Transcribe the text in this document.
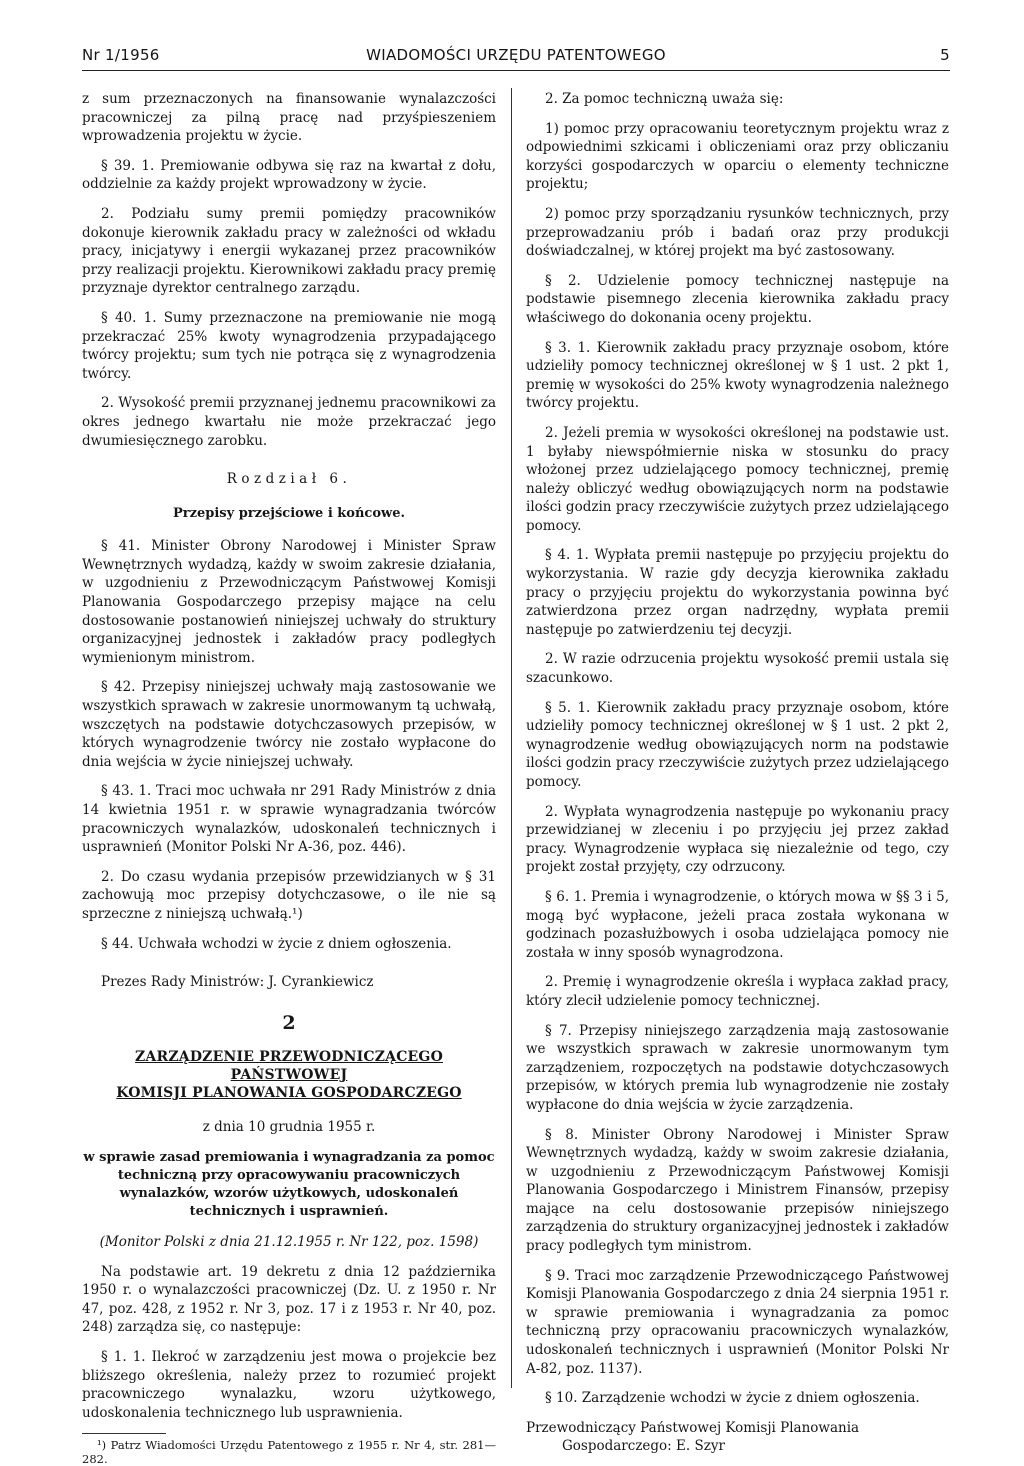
Nr 1/1956	WIADOMOŚCI URZĘDU PATENTOWEGO	5

z sum przeznaczonych na finansowanie wynalazczości pracowniczej za pilną pracę nad przyśpieszeniem wprowadzenia projektu w życie.

§ 39. 1. Premiowanie odbywa się raz na kwartał z dołu, oddzielnie za każdy projekt wprowadzony w życie.

2. Podziału sumy premii pomiędzy pracowników dokonuje kierownik zakładu pracy w zależności od wkładu pracy, inicjatywy i energii wykazanej przez pracowników przy realizacji projektu. Kierownikowi zakładu pracy premię przyznaje dyrektor centralnego zarządu.

§ 40. 1. Sumy przeznaczone na premiowanie nie mogą przekraczać 25% kwoty wynagrodzenia przypadającego twórcy projektu; sum tych nie potrąca się z wynagrodzenia twórcy.

2. Wysokość premii przyznanej jednemu pracownikowi za okres jednego kwartału nie może przekraczać jego dwumiesięcznego zarobku.

Rozdział 6.

Przepisy przejściowe i końcowe.

§ 41. Minister Obrony Narodowej i Minister Spraw Wewnętrznych wydadzą, każdy w swoim zakresie działania, w uzgodnieniu z Przewodniczącym Państwowej Komisji Planowania Gospodarczego przepisy mające na celu dostosowanie postanowień niniejszej uchwały do struktury organizacyjnej jednostek i zakładów pracy podległych wymienionym ministrom.

§ 42. Przepisy niniejszej uchwały mają zastosowanie we wszystkich sprawach w zakresie unormowanym tą uchwałą, wszczętych na podstawie dotychczasowych przepisów, w których wynagrodzenie twórcy nie zostało wypłacone do dnia wejścia w życie niniejszej uchwały.

§ 43. 1. Traci moc uchwała nr 291 Rady Ministrów z dnia 14 kwietnia 1951 r. w sprawie wynagradzania twórców pracowniczych wynalazków, udoskonaleń technicznych i usprawnień (Monitor Polski Nr A-36, poz. 446).

2. Do czasu wydania przepisów przewidzianych w § 31 zachowują moc przepisy dotychczasowe, o ile nie są sprzeczne z niniejszą uchwałą.¹)

§ 44. Uchwała wchodzi w życie z dniem ogłoszenia.

Prezes Rady Ministrów: J. Cyrankiewicz

2

ZARZĄDZENIE PRZEWODNICZĄCEGO PAŃSTWOWEJ
KOMISJI PLANOWANIA GOSPODARCZEGO

z dnia 10 grudnia 1955 r.

w sprawie zasad premiowania i wynagradzania za pomoc techniczną przy opracowywaniu pracowniczych wynalazków, wzorów użytkowych, udoskonaleń technicznych i usprawnień.

(Monitor Polski z dnia 21.12.1955 r. Nr 122, poz. 1598)

Na podstawie art. 19 dekretu z dnia 12 października 1950 r. o wynalazczości pracowniczej (Dz. U. z 1950 r. Nr 47, poz. 428, z 1952 r. Nr 3, poz. 17 i z 1953 r. Nr 40, poz. 248) zarządza się, co następuje:

§ 1. 1. Ilekroć w zarządzeniu jest mowa o projekcie bez bliższego określenia, należy przez to rozumieć projekt pracowniczego wynalazku, wzoru użytkowego, udoskonalenia technicznego lub usprawnienia.

¹) Patrz Wiadomości Urzędu Patentowego z 1955 r. Nr 4, str. 281—282.

2. Za pomoc techniczną uważa się:

1) pomoc przy opracowaniu teoretycznym projektu wraz z odpowiednimi szkicami i obliczeniami oraz przy obliczaniu korzyści gospodarczych w oparciu o elementy techniczne projektu;

2) pomoc przy sporządzaniu rysunków technicznych, przy przeprowadzaniu prób i badań oraz przy produkcji doświadczalnej, w której projekt ma być zastosowany.

§ 2. Udzielenie pomocy technicznej następuje na podstawie pisemnego zlecenia kierownika zakładu pracy właściwego do dokonania oceny projektu.

§ 3. 1. Kierownik zakładu pracy przyznaje osobom, które udzieliły pomocy technicznej określonej w § 1 ust. 2 pkt 1, premię w wysokości do 25% kwoty wynagrodzenia należnego twórcy projektu.

2. Jeżeli premia w wysokości określonej na podstawie ust. 1 byłaby niewspółmiernie niska w stosunku do pracy włożonej przez udzielającego pomocy technicznej, premię należy obliczyć według obowiązujących norm na podstawie ilości godzin pracy rzeczywiście zużytych przez udzielającego pomocy.

§ 4. 1. Wypłata premii następuje po przyjęciu projektu do wykorzystania. W razie gdy decyzja kierownika zakładu pracy o przyjęciu projektu do wykorzystania powinna być zatwierdzona przez organ nadrzędny, wypłata premii następuje po zatwierdzeniu tej decyzji.

2. W razie odrzucenia projektu wysokość premii ustala się szacunkowo.

§ 5. 1. Kierownik zakładu pracy przyznaje osobom, które udzieliły pomocy technicznej określonej w § 1 ust. 2 pkt 2, wynagrodzenie według obowiązujących norm na podstawie ilości godzin pracy rzeczywiście zużytych przez udzielającego pomocy.

2. Wypłata wynagrodzenia następuje po wykonaniu pracy przewidzianej w zleceniu i po przyjęciu jej przez zakład pracy. Wynagrodzenie wypłaca się niezależnie od tego, czy projekt został przyjęty, czy odrzucony.

§ 6. 1. Premia i wynagrodzenie, o których mowa w §§ 3 i 5, mogą być wypłacone, jeżeli praca została wykonana w godzinach pozasłużbowych i osoba udzielająca pomocy nie została w inny sposób wynagrodzona.

2. Premię i wynagrodzenie określa i wypłaca zakład pracy, który zlecił udzielenie pomocy technicznej.

§ 7. Przepisy niniejszego zarządzenia mają zastosowanie we wszystkich sprawach w zakresie unormowanym tym zarządzeniem, rozpoczętych na podstawie dotychczasowych przepisów, w których premia lub wynagrodzenie nie zostały wypłacone do dnia wejścia w życie zarządzenia.

§ 8. Minister Obrony Narodowej i Minister Spraw Wewnętrznych wydadzą, każdy w swoim zakresie działania, w uzgodnieniu z Przewodniczącym Państwowej Komisji Planowania Gospodarczego i Ministrem Finansów, przepisy mające na celu dostosowanie przepisów niniejszego zarządzenia do struktury organizacyjnej jednostek i zakładów pracy podległych tym ministrom.

§ 9. Traci moc zarządzenie Przewodniczącego Państwowej Komisji Planowania Gospodarczego z dnia 24 sierpnia 1951 r. w sprawie premiowania i wynagradzania za pomoc techniczną przy opracowaniu pracowniczych wynalazków, udoskonaleń technicznych i usprawnień (Monitor Polski Nr A-82, poz. 1137).

§ 10. Zarządzenie wchodzi w życie z dniem ogłoszenia.

Przewodniczący Państwowej Komisji Planowania

Gospodarczego: E. Szyr
